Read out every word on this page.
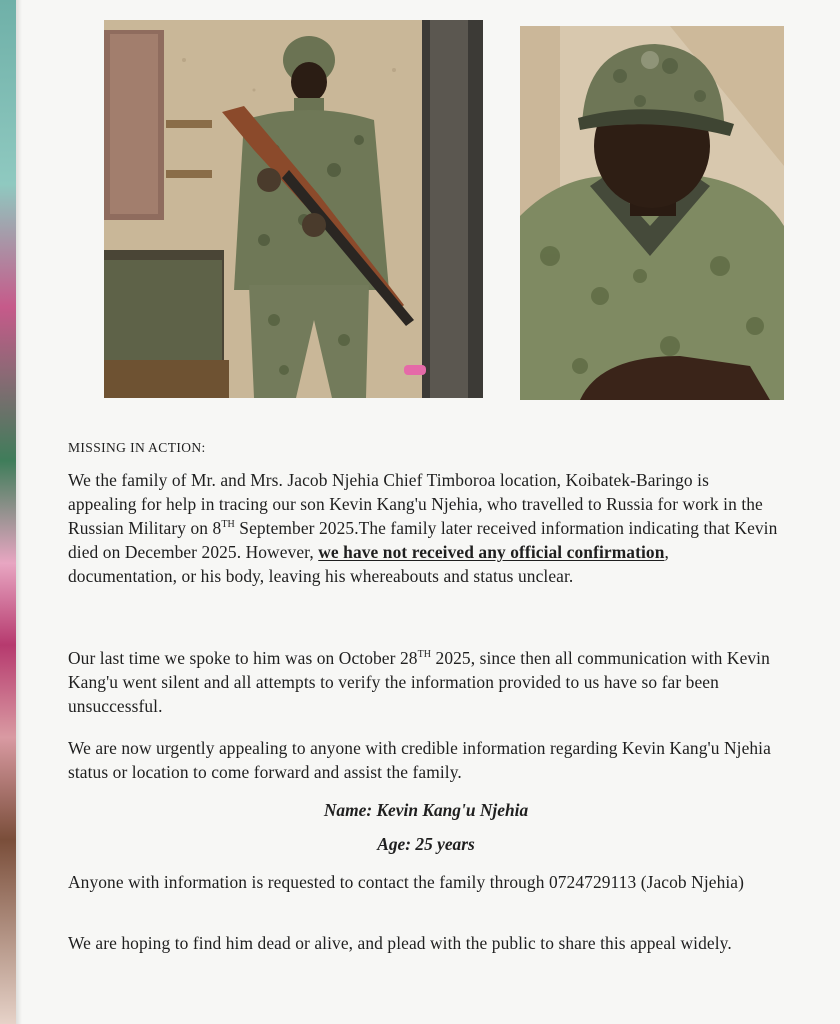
MISSING IN ACTION:
We the family of Mr. and Mrs. Jacob Njehia Chief Timboroa location, Koibatek-Baringo is appealing for help in tracing our son Kevin Kang'u Njehia, who travelled to Russia for work in the Russian Military on 8TH September 2025.The family later received information indicating that Kevin died on December 2025. However, we have not received any official confirmation, documentation, or his body, leaving his whereabouts and status unclear.
Our last time we spoke to him was on October 28TH 2025, since then all communication with Kevin Kang'u went silent and all attempts to verify the information provided to us have so far been unsuccessful.
We are now urgently appealing to anyone with credible information regarding Kevin Kang'u Njehia status or location to come forward and assist the family.
Name: Kevin Kang'u Njehia
Age: 25 years
Anyone with information is requested to contact the family through 0724729113 (Jacob Njehia)
We are hoping to find him dead or alive, and plead with the public to share this appeal widely.
